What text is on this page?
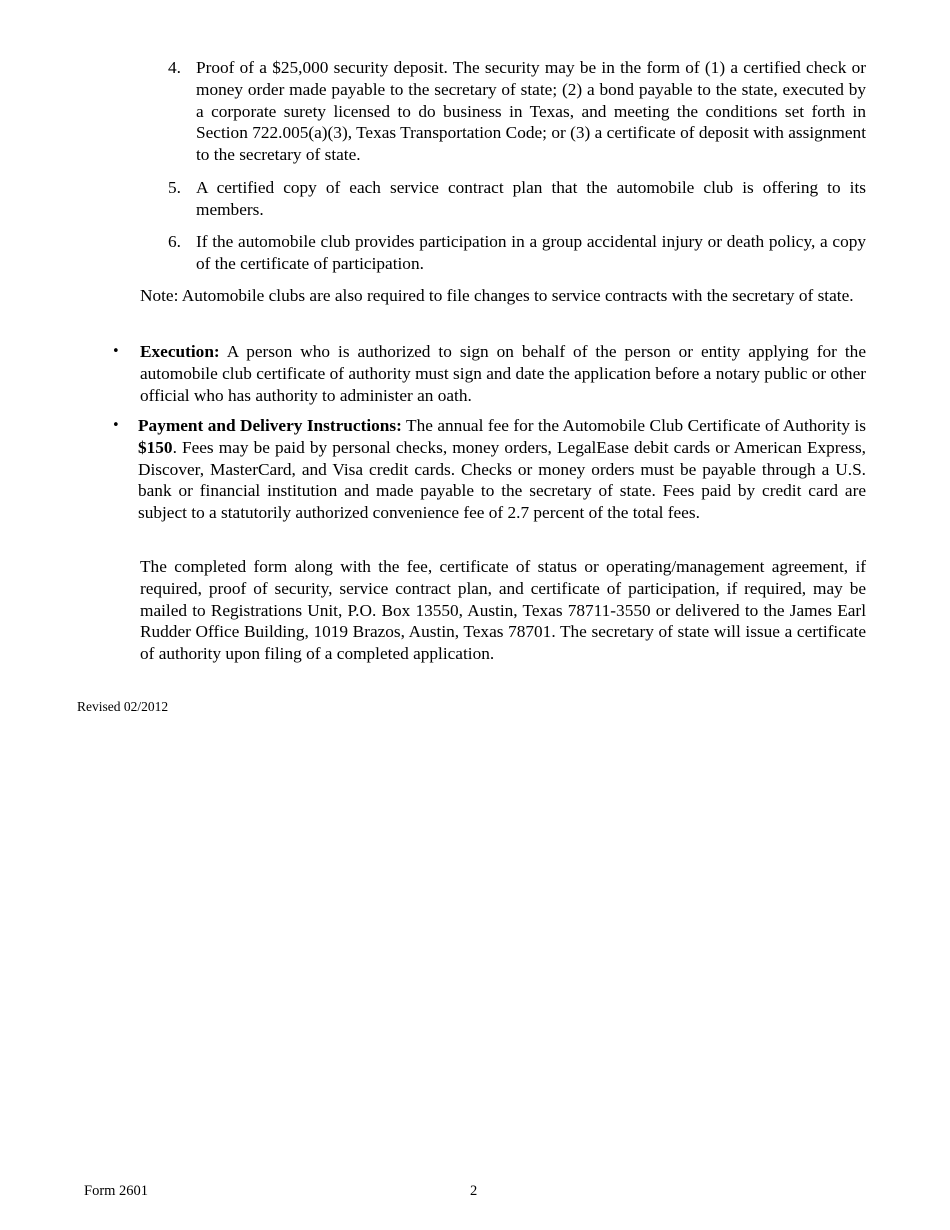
4. Proof of a $25,000 security deposit. The security may be in the form of (1) a certified check or money order made payable to the secretary of state; (2) a bond payable to the state, executed by a corporate surety licensed to do business in Texas, and meeting the conditions set forth in Section 722.005(a)(3), Texas Transportation Code; or (3) a certificate of deposit with assignment to the secretary of state.
5. A certified copy of each service contract plan that the automobile club is offering to its members.
6. If the automobile club provides participation in a group accidental injury or death policy, a copy of the certificate of participation.
Note: Automobile clubs are also required to file changes to service contracts with the secretary of state.
• Execution: A person who is authorized to sign on behalf of the person or entity applying for the automobile club certificate of authority must sign and date the application before a notary public or other official who has authority to administer an oath.
• Payment and Delivery Instructions: The annual fee for the Automobile Club Certificate of Authority is $150. Fees may be paid by personal checks, money orders, LegalEase debit cards or American Express, Discover, MasterCard, and Visa credit cards. Checks or money orders must be payable through a U.S. bank or financial institution and made payable to the secretary of state. Fees paid by credit card are subject to a statutorily authorized convenience fee of 2.7 percent of the total fees.
The completed form along with the fee, certificate of status or operating/management agreement, if required, proof of security, service contract plan, and certificate of participation, if required, may be mailed to Registrations Unit, P.O. Box 13550, Austin, Texas 78711-3550 or delivered to the James Earl Rudder Office Building, 1019 Brazos, Austin, Texas 78701. The secretary of state will issue a certificate of authority upon filing of a completed application.
Revised 02/2012
Form 2601	2
